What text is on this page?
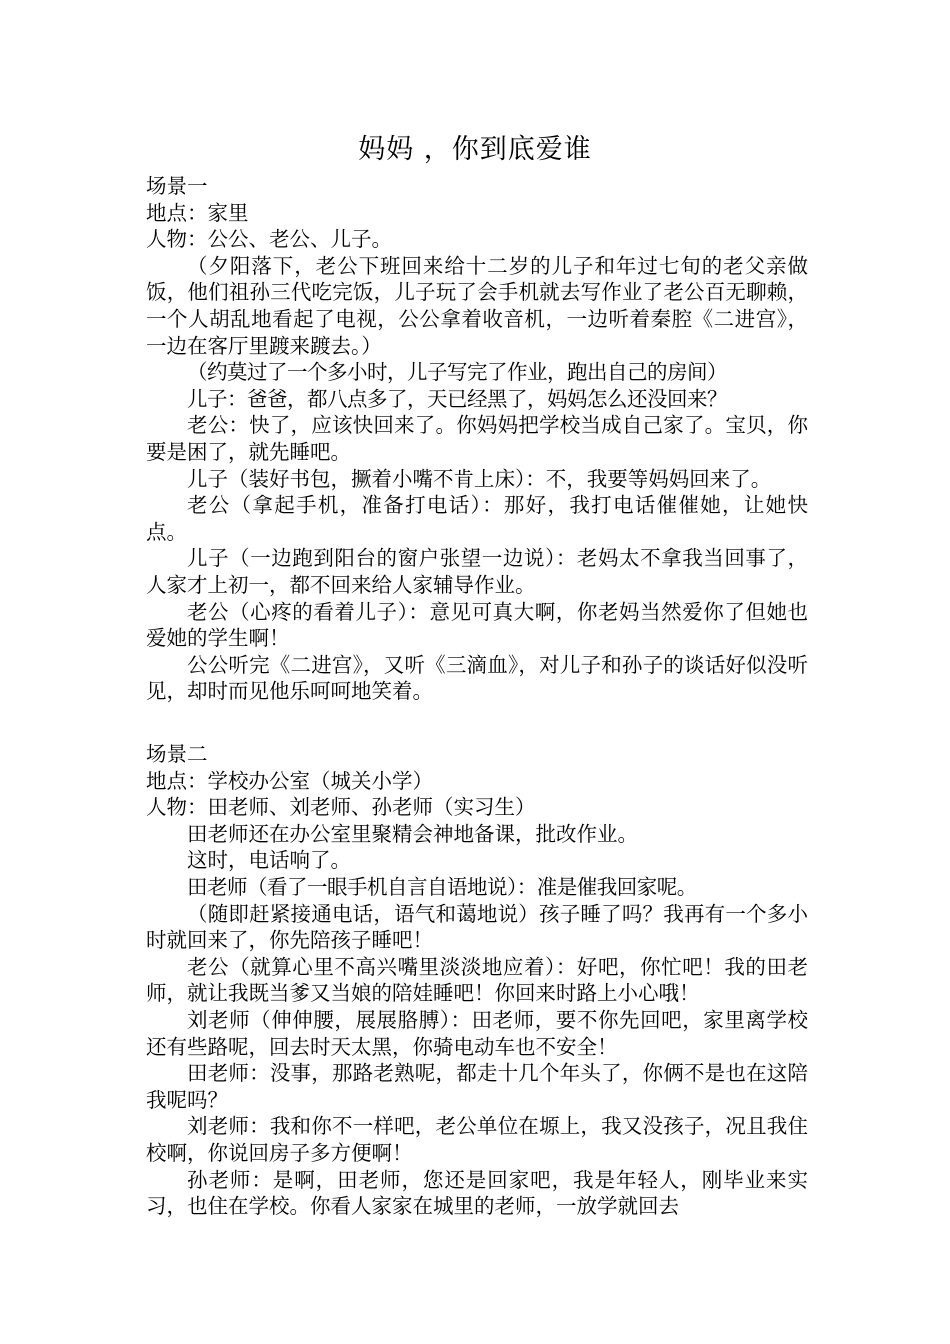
妈妈 ，你到底爱谁
场景一
地点：家里
人物：公公、老公、儿子。
（夕阳落下，老公下班回来给十二岁的儿子和年过七旬的老父亲做饭，他们祖孙三代吃完饭，儿子玩了会手机就去写作业了老公百无聊赖，一个人胡乱地看起了电视，公公拿着收音机，一边听着秦腔《二进宫》，一边在客厅里踱来踱去。）
（约莫过了一个多小时，儿子写完了作业，跑出自己的房间）
儿子：爸爸，都八点多了，天已经黑了，妈妈怎么还没回来？
老公：快了，应该快回来了。你妈妈把学校当成自己家了。宝贝，你要是困了，就先睡吧。
儿子（装好书包，撅着小嘴不肯上床）：不，我要等妈妈回来了。
老公（拿起手机，准备打电话）：那好，我打电话催催她，让她快点。
儿子（一边跑到阳台的窗户张望一边说）：老妈太不拿我当回事了，人家才上初一，都不回来给人家辅导作业。
老公（心疼的看着儿子）：意见可真大啊，你老妈当然爱你了但她也爱她的学生啊！
公公听完《二进宫》，又听《三滴血》，对儿子和孙子的谈话好似没听见，却时而见他乐呵呵地笑着。
场景二
地点：学校办公室（城关小学）
人物：田老师、刘老师、孙老师（实习生）
田老师还在办公室里聚精会神地备课，批改作业。
这时，电话响了。
田老师（看了一眼手机自言自语地说）：准是催我回家呢。
（随即赶紧接通电话，语气和蔼地说）孩子睡了吗？我再有一个多小时就回来了，你先陪孩子睡吧！
老公（就算心里不高兴嘴里淡淡地应着）：好吧，你忙吧！我的田老师，就让我既当爹又当娘的陪娃睡吧！你回来时路上小心哦！
刘老师（伸伸腰，展展胳膊）：田老师，要不你先回吧，家里离学校还有些路呢，回去时天太黑，你骑电动车也不安全！
田老师：没事，那路老熟呢，都走十几个年头了，你俩不是也在这陪我呢吗？
刘老师：我和你不一样吧，老公单位在塬上，我又没孩子，况且我住校啊，你说回房子多方便啊！
孙老师：是啊，田老师，您还是回家吧，我是年轻人，刚毕业来实习，也住在学校。你看人家家在城里的老师，一放学就回去
